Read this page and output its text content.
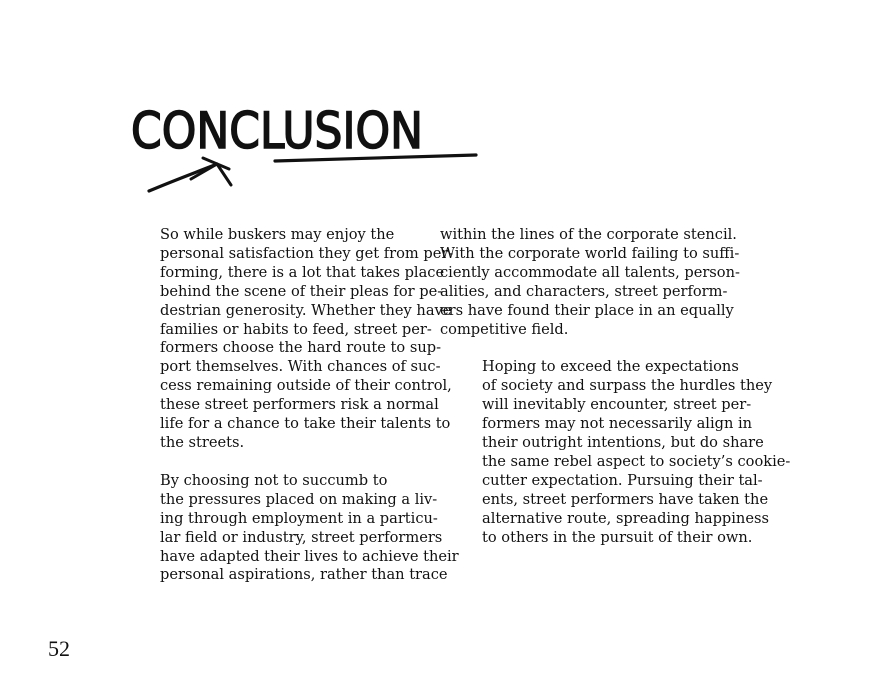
CONCLUSION

So while buskers may enjoy the
personal satisfaction they get from per-
forming, there is a lot that takes place
behind the scene of their pleas for pe-
destrian generosity. Whether they have
families or habits to feed, street per-
formers choose the hard route to sup-
port themselves. With chances of suc-
cess remaining outside of their control,
these street performers risk a normal
life for a chance to take their talents to
the streets.

By choosing not to succumb to
the pressures placed on making a liv-
ing through employment in a particu-
lar field or industry, street performers
have adapted their lives to achieve their
personal aspirations, rather than trace

within the lines of the corporate stencil.
With the corporate world failing to suffi-
ciently accommodate all talents, person-
alities, and characters, street perform-
ers have found their place in an equally
competitive field.

Hoping to exceed the expectations
of society and surpass the hurdles they
will inevitably encounter, street per-
formers may not necessarily align in
their outright intentions, but do share
the same rebel aspect to society’s cookie-
cutter expectation. Pursuing their tal-
ents, street performers have taken the
alternative route, spreading happiness
to others in the pursuit of their own.

52
